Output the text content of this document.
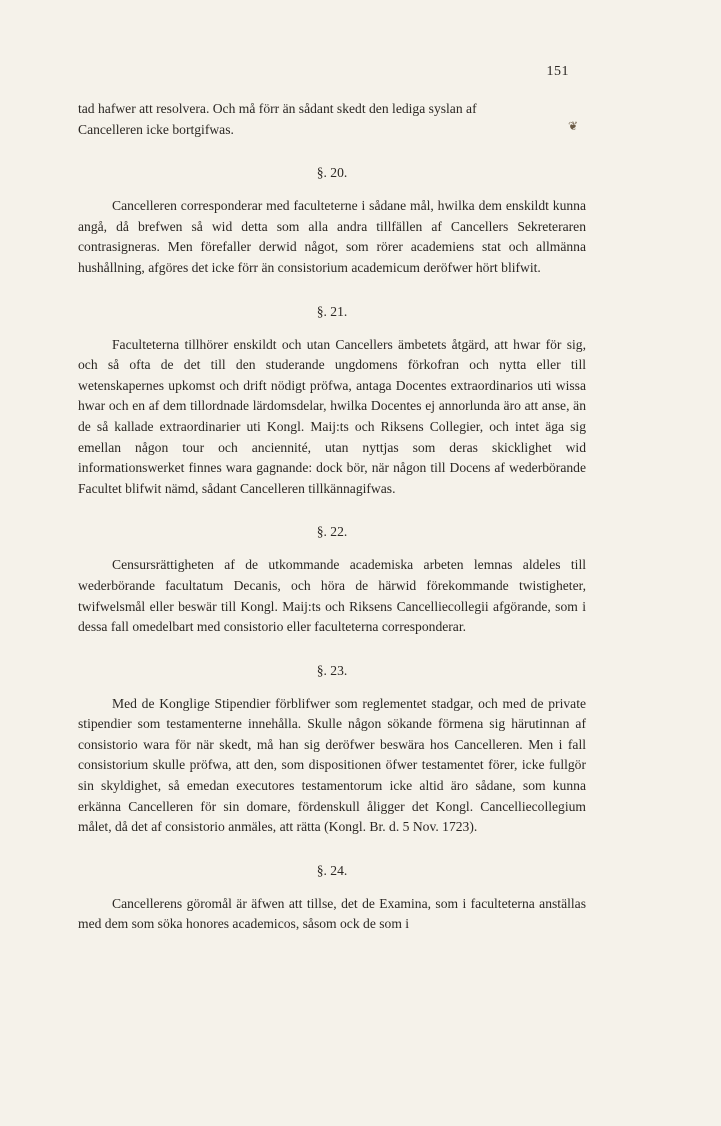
151

tad hafwer att resolvera. Och må förr än sådant skedt den lediga syslan af

Cancelleren icke bortgifwas.	❦
§. 20.

Cancelleren corresponderar med faculteterne i sådane mål, hwilka dem enskildt kunna angå, då brefwen så wid detta som alla andra tillfällen af Cancellers Sekreteraren contrasigneras. Men förefaller derwid något, som rörer academiens stat och allmänna hushållning, afgöres det icke förr än consistorium academicum deröfwer hört blifwit.

§. 21.

Faculteterna tillhörer enskildt och utan Cancellers ämbetets åtgärd, att hwar för sig, och så ofta de det till den studerande ungdomens förkofran och nytta eller till wetenskapernes upkomst och drift nödigt pröfwa, antaga Docentes extraordinarios uti wissa hwar och en af dem tillordnade lärdomsdelar, hwilka Docentes ej annorlunda äro att anse, än de så kallade extraordinarier uti Kongl. Maij:ts och Riksens Collegier, och intet äga sig emellan någon tour och anciennité, utan nyttjas som deras skicklighet wid informationswerket finnes wara gagnande: dock bör, när någon till Docens af wederbörande Facultet blifwit nämd, sådant Cancelleren tillkännagifwas.

§. 22.

Censursrättigheten af de utkommande academiska arbeten lemnas aldeles till wederbörande facultatum Decanis, och höra de härwid förekommande twistigheter, twifwelsmål eller beswär till Kongl. Maij:ts och Riksens Cancelliecollegii afgörande, som i dessa fall omedelbart med consistorio eller faculteterna corresponderar.

§. 23.

Med de Konglige Stipendier förblifwer som reglementet stadgar, och med de private stipendier som testamenterne innehålla. Skulle någon sökande förmena sig härutinnan af consistorio wara för när skedt, må han sig deröfwer beswära hos Cancelleren. Men i fall consistorium skulle pröfwa, att den, som dispositionen öfwer testamentet förer, icke fullgör sin skyldighet, så emedan executores testamentorum icke altid äro sådane, som kunna erkänna Cancelleren för sin domare, fördenskull åligger det Kongl. Cancelliecollegium målet, då det af consistorio anmäles, att rätta (Kongl. Br. d. 5 Nov. 1723).

§. 24.

Cancellerens göromål är äfwen att tillse, det de Examina, som i faculteterna anställas med dem som söka honores academicos, såsom ock de som i
